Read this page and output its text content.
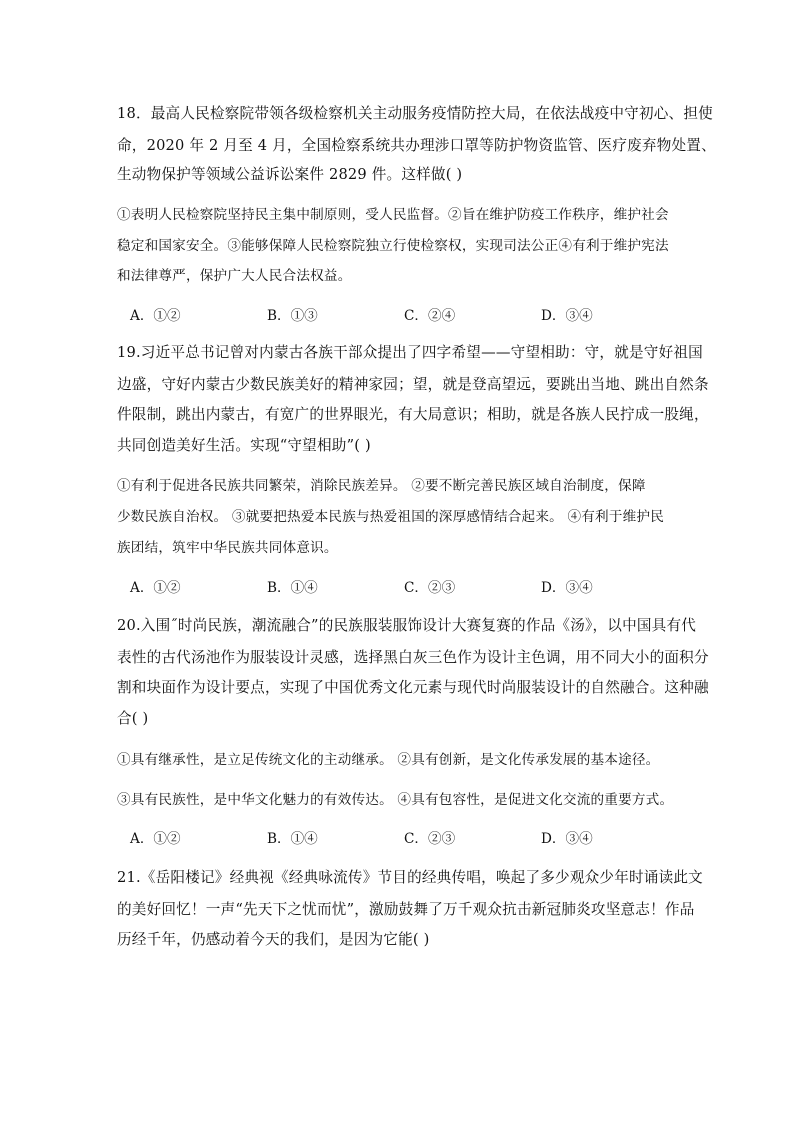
18．最高人民检察院带领各级检察机关主动服务疫情防控大局，在依法战疫中守初心、担使
命，2020 年 2 月至 4 月，全国检察系统共办理涉口罩等防护物资监管、医疗废弃物处置、
生动物保护等领域公益诉讼案件 2829 件。这样做( )
①表明人民检察院坚持民主集中制原则，受人民监督。②旨在维护防疫工作秩序，维护社会
稳定和国家安全。③能够保障人民检察院独立行使检察权，实现司法公正④有利于维护宪法
和法律尊严，保护广大人民合法权益。
A．①②	B．①③	C．②④	D．③④
19.习近平总书记曾对内蒙古各族干部众提出了四字希望——守望相助：守，就是守好祖国
边盛，守好内蒙古少数民族美好的精神家园；望，就是登高望远，要跳出当地、跳出自然条
件限制，跳出内蒙古，有宽广的世界眼光，有大局意识；相助，就是各族人民拧成一股绳，
共同创造美好生活。实现“守望相助”( )
①有利于促进各民族共同繁荣，消除民族差异。 ②要不断完善民族区域自治制度，保障
少数民族自治权。 ③就要把热爱本民族与热爱祖国的深厚感情结合起来。 ④有利于维护民
族团结，筑牢中华民族共同体意识。
A．①②	B．①④	C．②③	D．③④
20.入围˝时尚民族，潮流融合”的民族服装服饰设计大赛复赛的作品《汤》，以中国具有代
表性的古代汤池作为服装设计灵感，选择黑白灰三色作为设计主色调，用不同大小的面积分
割和块面作为设计要点，实现了中国优秀文化元素与现代时尚服装设计的自然融合。这种融
合( )
①具有继承性，是立足传统文化的主动继承。 ②具有创新，是文化传承发展的基本途径。
③具有民族性，是中华文化魅力的有效传达。 ④具有包容性，是促进文化交流的重要方式。
A．①②	B．①④	C．②③	D．③④
21.《岳阳楼记》经典视《经典咏流传》节目的经典传唱，唤起了多少观众少年时诵读此文
的美好回忆！一声“先天下之忧而忧”，激励鼓舞了万千观众抗击新冠肺炎攻坚意志！作品
历经千年，仍感动着今天的我们，是因为它能( )
